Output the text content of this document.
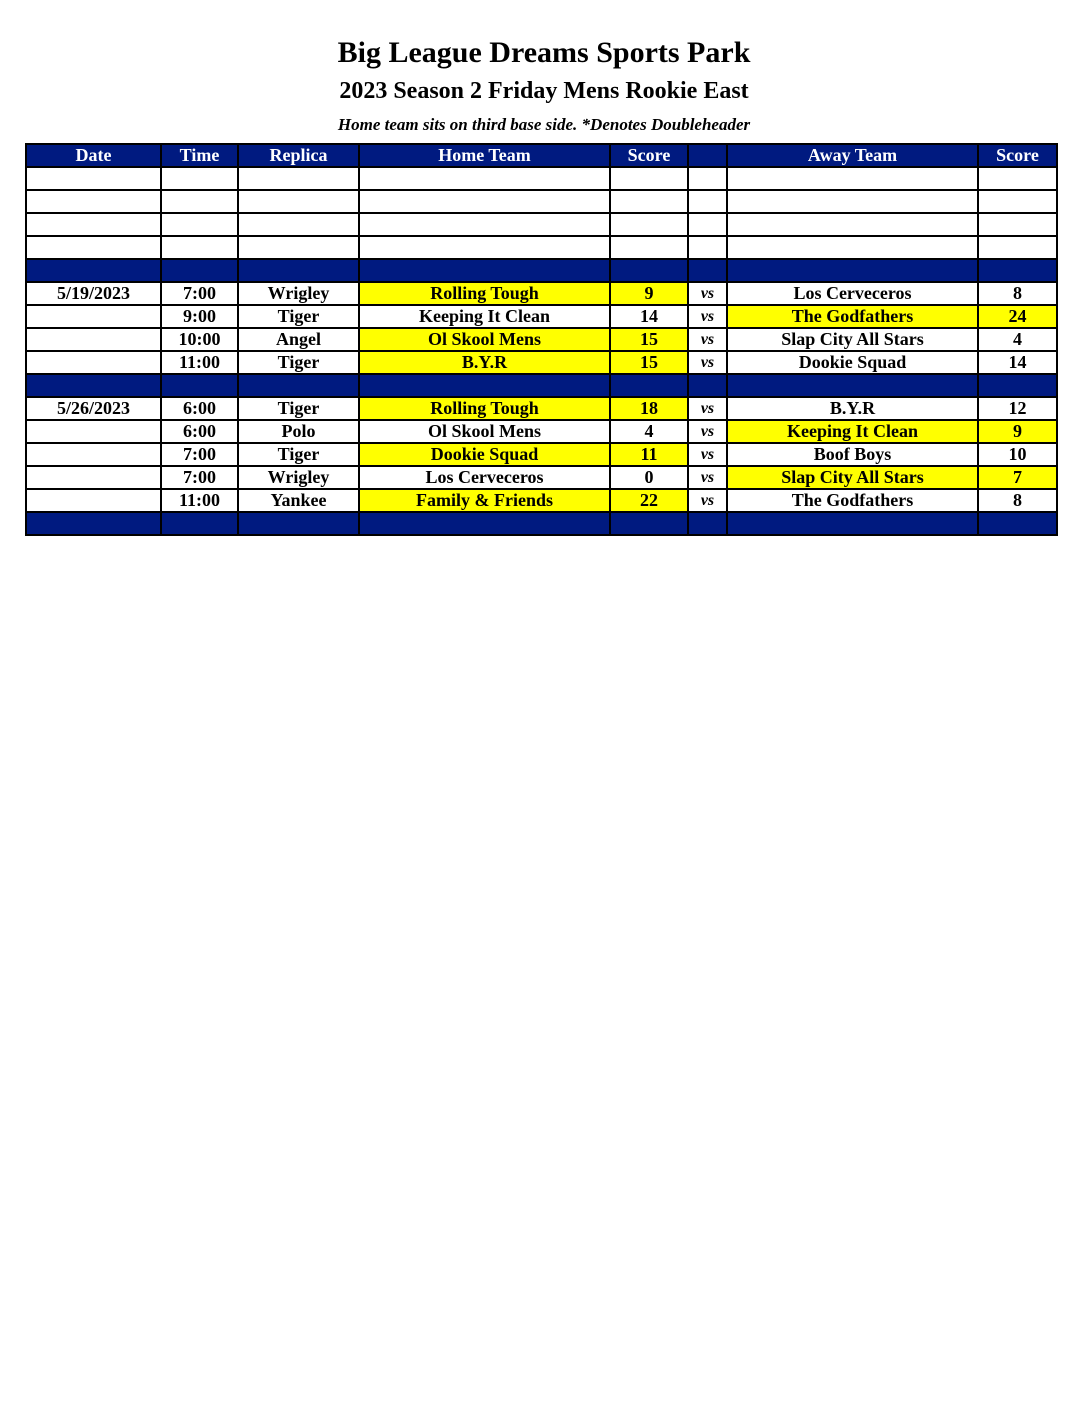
Big League Dreams Sports Park
2023 Season 2 Friday Mens Rookie East
Home team sits on third base side. *Denotes Doubleheader
Date	Time	Replica	Home Team	Score		Away Team	Score

5/19/2023	7:00	Wrigley	Rolling Tough	9	vs	Los Cerveceros	8
	9:00	Tiger	Keeping It Clean	14	vs	The Godfathers	24
	10:00	Angel	Ol Skool Mens	15	vs	Slap City All Stars	4
	11:00	Tiger	B.Y.R	15	vs	Dookie Squad	14

5/26/2023	6:00	Tiger	Rolling Tough	18	vs	B.Y.R	12
	6:00	Polo	Ol Skool Mens	4	vs	Keeping It Clean	9
	7:00	Tiger	Dookie Squad	11	vs	Boof Boys	10
	7:00	Wrigley	Los Cerveceros	0	vs	Slap City All Stars	7
	11:00	Yankee	Family & Friends	22	vs	The Godfathers	8
